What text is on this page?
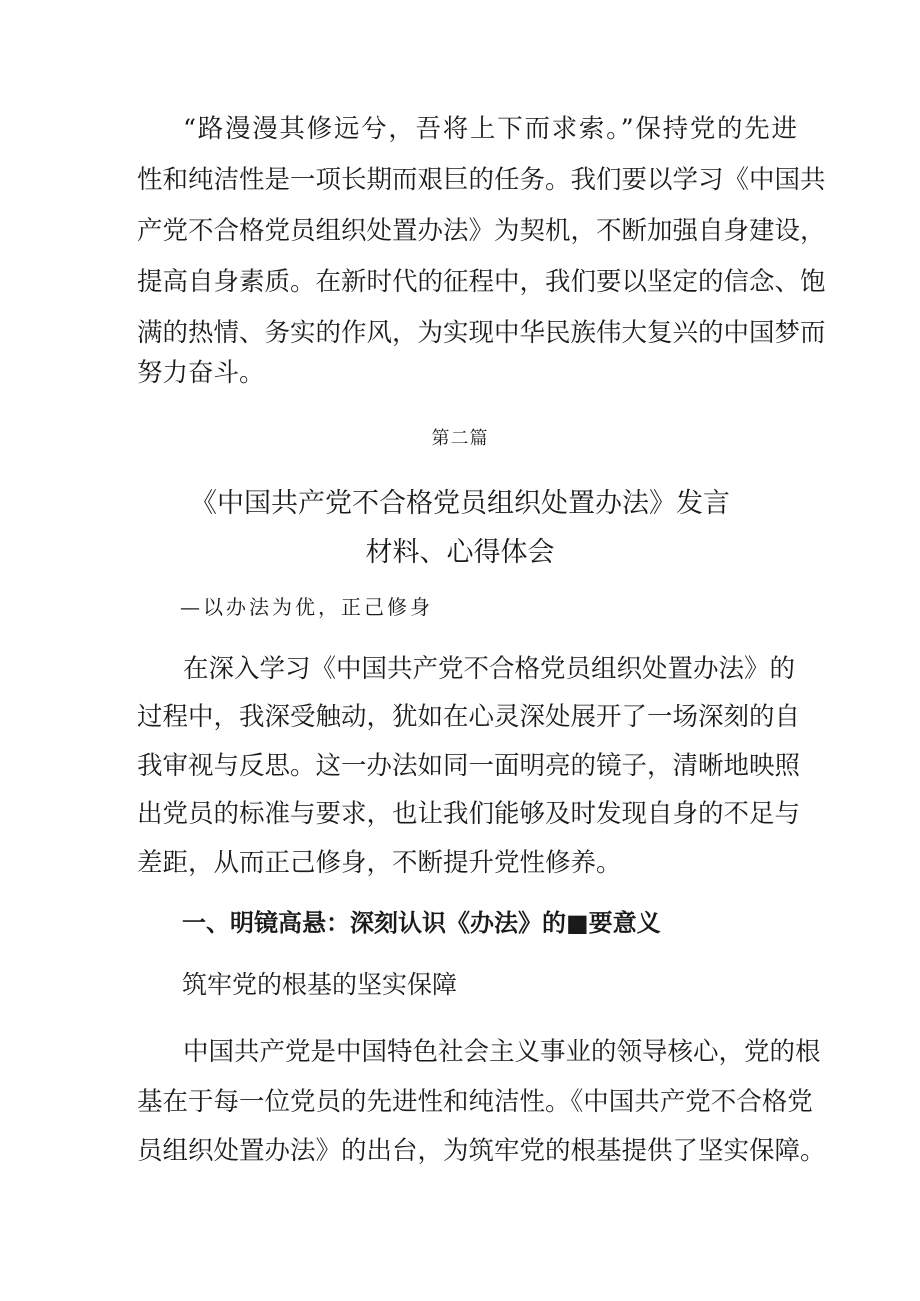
“路漫漫其修远兮，吾将上下而求索。”保持党的先进
性和纯洁性是一项长期而艰巨的任务。我们要以学习《中国共
产党不合格党员组织处置办法》为契机，不断加强自身建设，
提高自身素质。在新时代的征程中，我们要以坚定的信念、饱
满的热情、务实的作风，为实现中华民族伟大复兴的中国梦而
努力奋斗。
第二篇
《中国共产党不合格党员组织处置办法》发言
材料、心得体会
—以办法为优，正己修身
在深入学习《中国共产党不合格党员组织处置办法》的
过程中，我深受触动，犹如在心灵深处展开了一场深刻的自
我审视与反思。这一办法如同一面明亮的镜子，清晰地映照
出党员的标准与要求，也让我们能够及时发现自身的不足与
差距，从而正己修身，不断提升党性修养。
一、明镜高悬：深刻认识《办法》的■要意义
筑牢党的根基的坚实保障
中国共产党是中国特色社会主义事业的领导核心，党的根
基在于每一位党员的先进性和纯洁性。《中国共产党不合格党
员组织处置办法》的出台，为筑牢党的根基提供了坚实保障。
